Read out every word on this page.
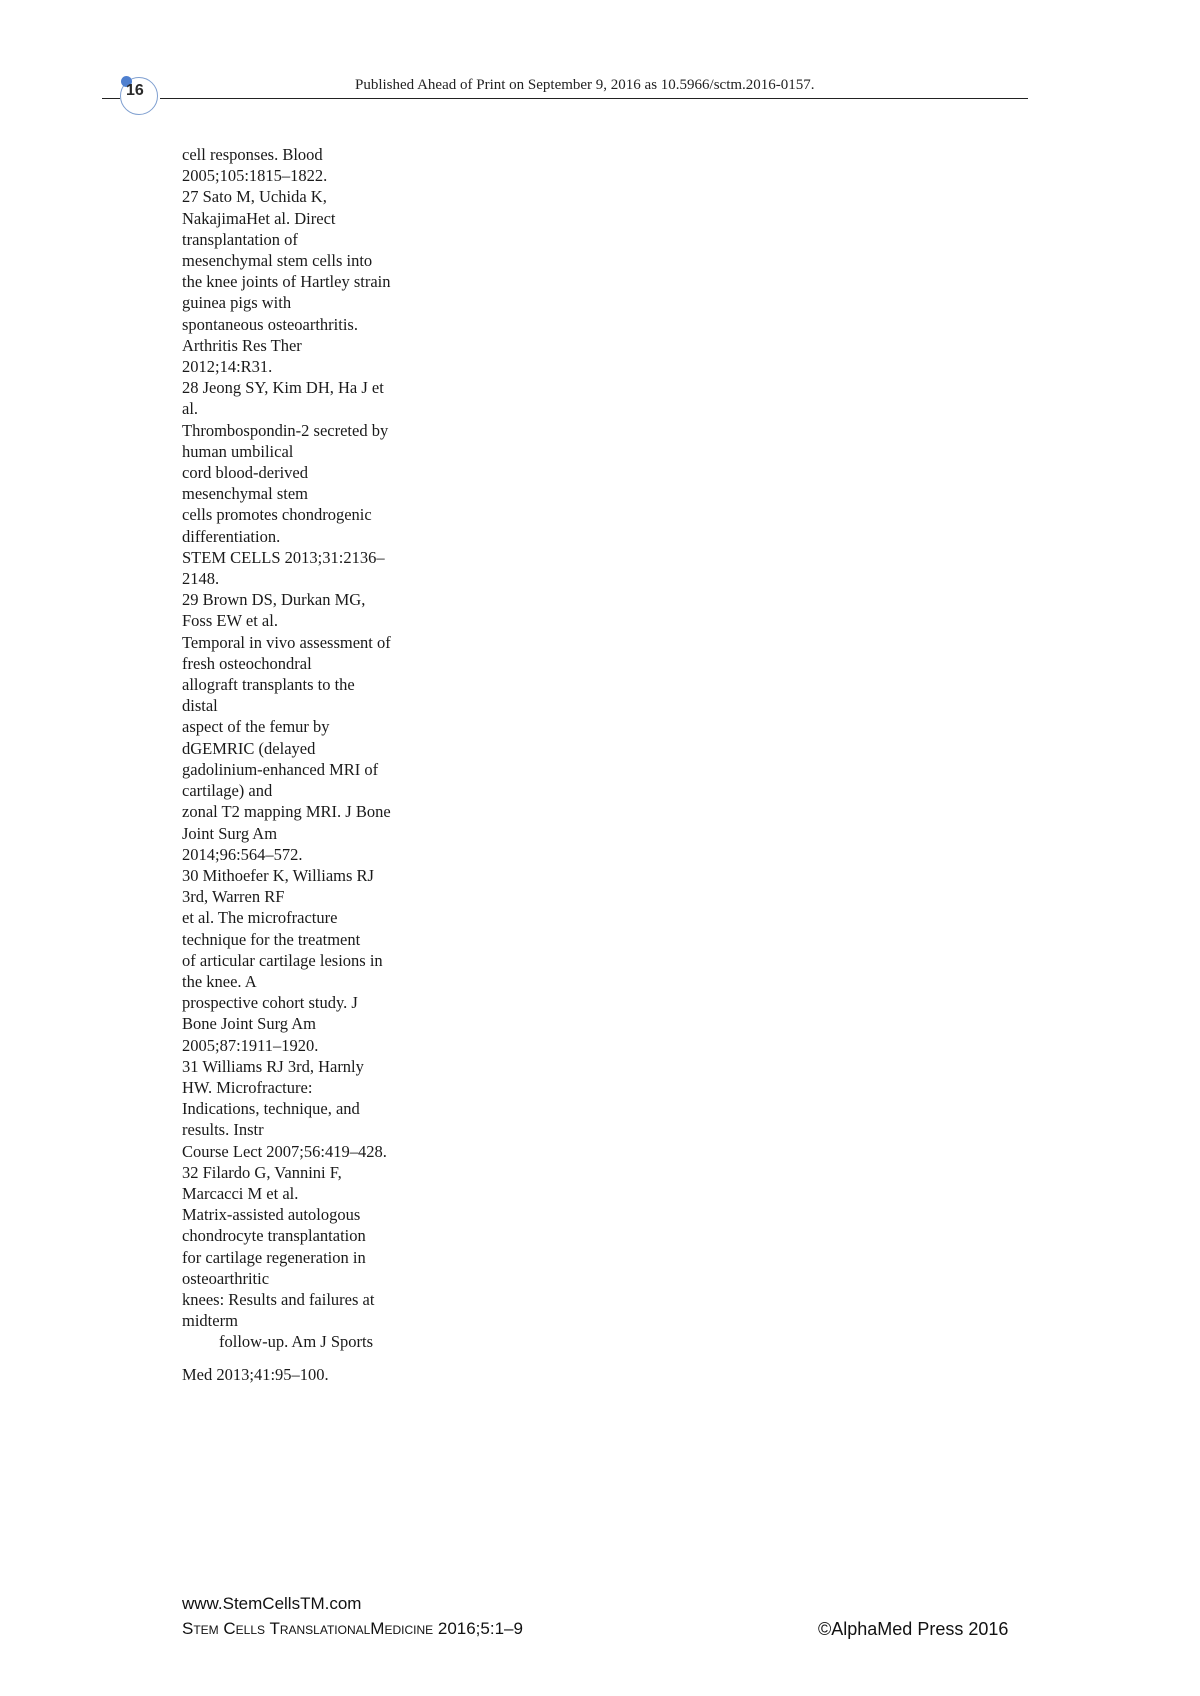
16	Published Ahead of Print on September 9, 2016 as 10.5966/sctm.2016-0157.
cell responses. Blood
2005;105:1815–1822.
27 Sato M, Uchida K,
NakajimaHet al. Direct
transplantation of
mesenchymal stem cells into
the knee joints of Hartley strain
guinea pigs with
spontaneous osteoarthritis.
Arthritis Res Ther
2012;14:R31.
28 Jeong SY, Kim DH, Ha J et
al.
Thrombospondin-2 secreted by
human umbilical
cord blood-derived
mesenchymal stem
cells promotes chondrogenic
differentiation.
STEM CELLS 2013;31:2136–
2148.
29 Brown DS, Durkan MG,
Foss EW et al.
Temporal in vivo assessment of
fresh osteochondral
allograft transplants to the
distal
aspect of the femur by
dGEMRIC (delayed
gadolinium-enhanced MRI of
cartilage) and
zonal T2 mapping MRI. J Bone
Joint Surg Am
2014;96:564–572.
30 Mithoefer K, Williams RJ
3rd, Warren RF
et al. The microfracture
technique for the treatment
of articular cartilage lesions in
the knee. A
prospective cohort study. J
Bone Joint Surg Am
2005;87:1911–1920.
31 Williams RJ 3rd, Harnly
HW. Microfracture:
Indications, technique, and
results. Instr
Course Lect 2007;56:419–428.
32 Filardo G, Vannini F,
Marcacci M et al.
Matrix-assisted autologous
chondrocyte transplantation
for cartilage regeneration in
osteoarthritic
knees: Results and failures at
midterm
follow-up. Am J Sports
Med 2013;41:95–100.
www.StemCellsTM.com
Stem Cells TranslationalMedicine 2016;5:1–9	©AlphaMed Press 2016
